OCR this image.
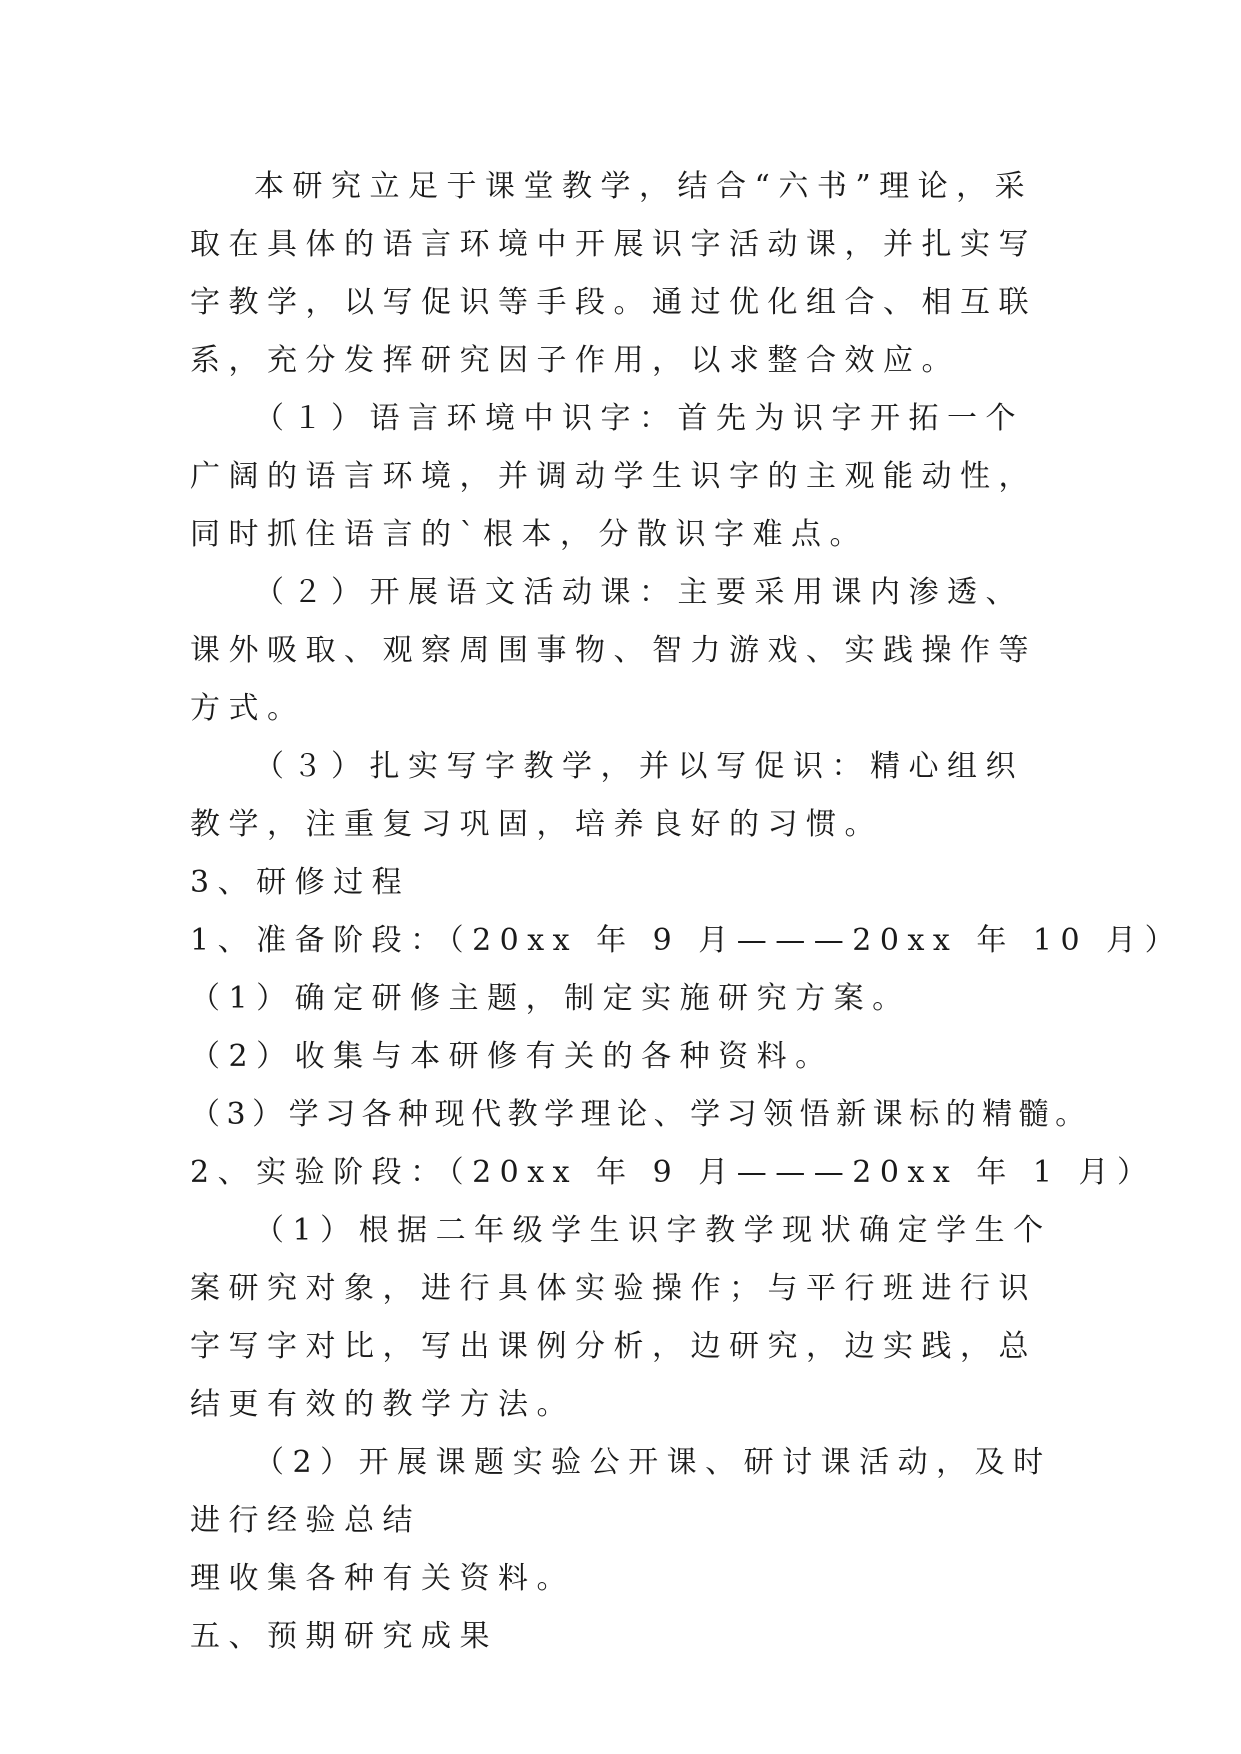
本研究立足于课堂教学，结合“六书”理论，采取在具体的语言环境中开展识字活动课，并扎实写字教学，以写促识等手段。通过优化组合、相互联系，充分发挥研究因子作用，以求整合效应。

（１）语言环境中识字：首先为识字开拓一个广阔的语言环境，并调动学生识字的主观能动性，同时抓住语言的`根本，分散识字难点。

（２）开展语文活动课：主要采用课内渗透、课外吸取、观察周围事物、智力游戏、实践操作等方式。

（３）扎实写字教学，并以写促识：精心组织教学，注重复习巩固，培养良好的习惯。

3、研修过程

1、准备阶段：（20xx 年 9 月———20xx 年 10 月）

（1）确定研修主题，制定实施研究方案。

（2）收集与本研修有关的各种资料。

（3）学习各种现代教学理论、学习领悟新课标的精髓。

2、实验阶段：（20xx 年 9 月———20xx 年 1 月）

（1）根据二年级学生识字教学现状确定学生个案研究对象，进行具体实验操作；与平行班进行识字写字对比，写出课例分析，边研究，边实践，总结更有效的教学方法。

（2）开展课题实验公开课、研讨课活动，及时进行经验总结

理收集各种有关资料。

五、预期研究成果
